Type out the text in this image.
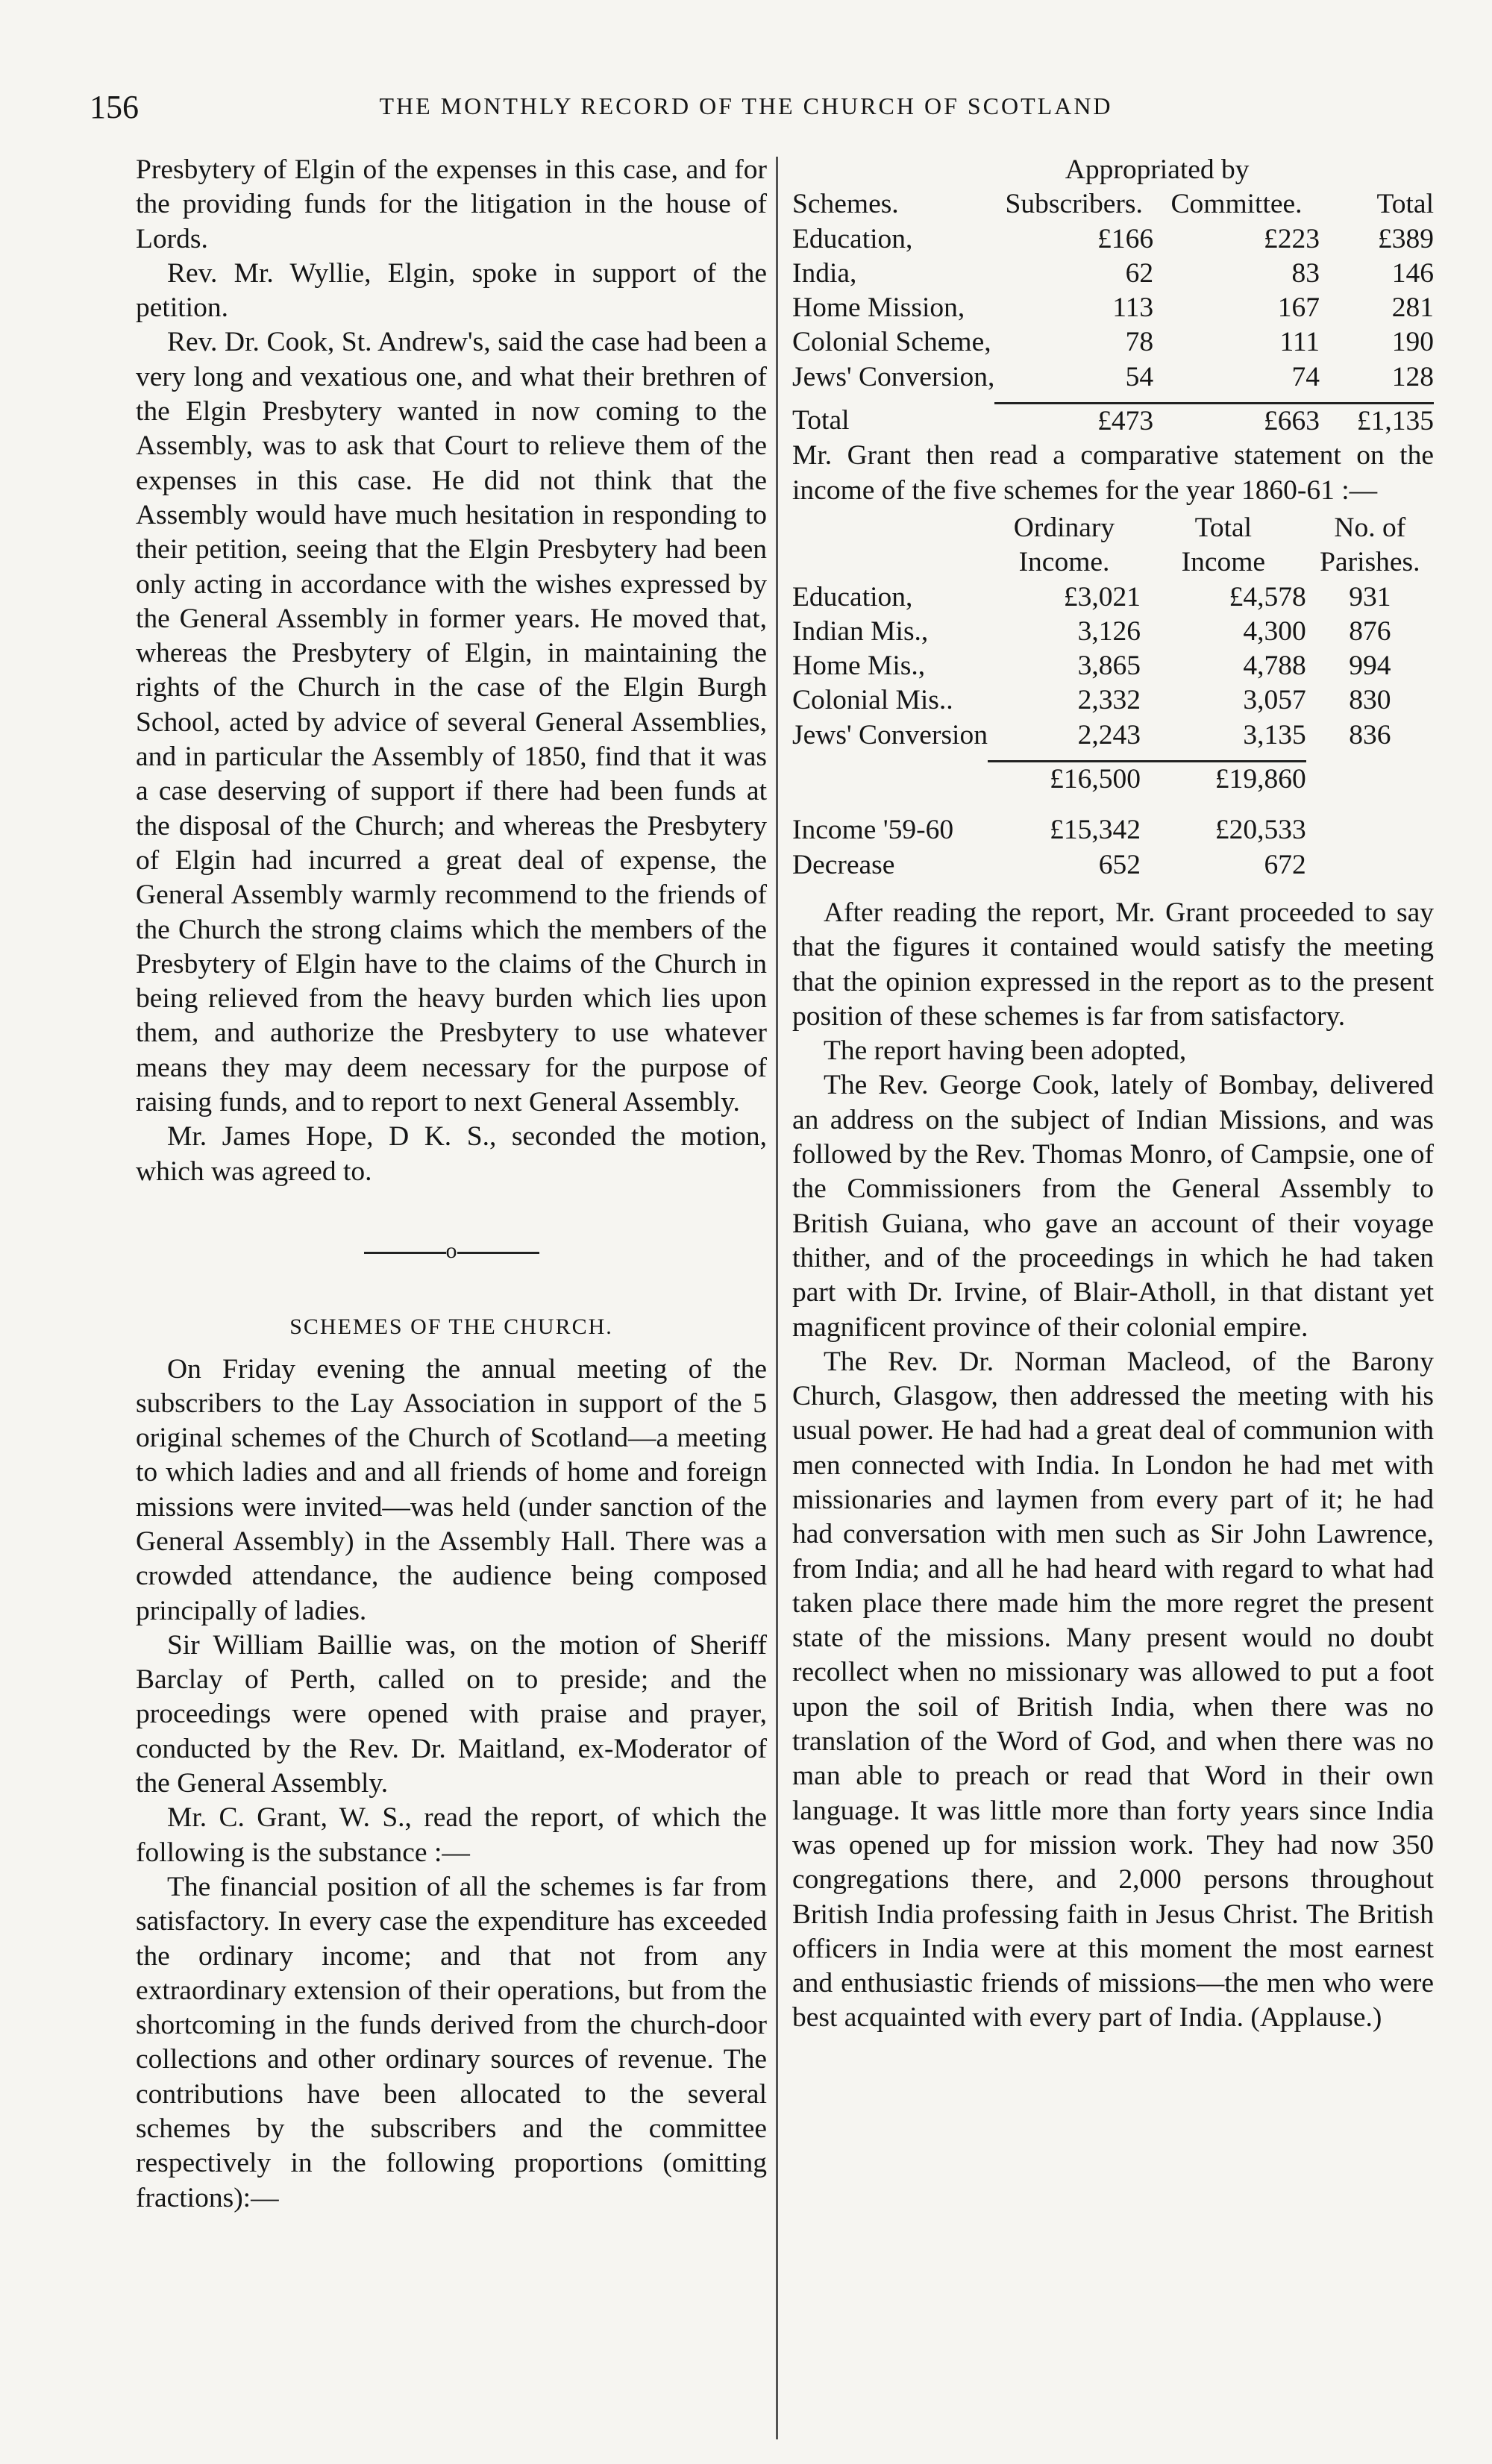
156	THE MONTHLY RECORD OF THE CHURCH OF SCOTLAND

Presbytery of Elgin of the expenses in this case, and for the providing funds for the litigation in the house of Lords.

Rev. Mr. Wyllie, Elgin, spoke in support of the petition.

Rev. Dr. Cook, St. Andrew's, said the case had been a very long and vexatious one, and what their brethren of the Elgin Presbytery wanted in now coming to the Assembly, was to ask that Court to relieve them of the expenses in this case. He did not think that the Assembly would have much hesitation in responding to their petition, seeing that the Elgin Presbytery had been only acting in accordance with the wishes expressed by the General Assembly in former years. He moved that, whereas the Presbytery of Elgin, in maintaining the rights of the Church in the case of the Elgin Burgh School, acted by advice of several General Assemblies, and in particular the Assembly of 1850, find that it was a case deserving of support if there had been funds at the disposal of the Church; and whereas the Presbytery of Elgin had incurred a great deal of expense, the General Assembly warmly recommend to the friends of the Church the strong claims which the members of the Presbytery of Elgin have to the claims of the Church in being relieved from the heavy burden which lies upon them, and authorize the Presbytery to use whatever means they may deem necessary for the purpose of raising funds, and to report to next General Assembly.

Mr. James Hope, D K. S., seconded the motion, which was agreed to.

o
SCHEMES OF THE CHURCH.

On Friday evening the annual meeting of the subscribers to the Lay Association in support of the 5 original schemes of the Church of Scotland—a meeting to which ladies and and all friends of home and foreign missions were invited—was held (under sanction of the General Assembly) in the Assembly Hall. There was a crowded attendance, the audience being composed principally of ladies.

Sir William Baillie was, on the motion of Sheriff Barclay of Perth, called on to preside; and the proceedings were opened with praise and prayer, conducted by the Rev. Dr. Maitland, ex-Moderator of the General Assembly.

Mr. C. Grant, W. S., read the report, of which the following is the substance :—

The financial position of all the schemes is far from satisfactory. In every case the expenditure has exceeded the ordinary income; and that not from any extraordinary extension of their operations, but from the shortcoming in the funds derived from the church-door collections and other ordinary sources of revenue. The contributions have been allocated to the several schemes by the subscribers and the committee respectively in the following proportions (omitting fractions):—

	Appropriated by		
Schemes.	Subscribers.	Committee.	Total
Education,	£166	£223	£389
India,	62	83	146
Home Mission,	113	167	281
Colonial Scheme,	78	111	190
Jews' Conversion,	54	74	128

Total	£473	£663	£1,135

Mr. Grant then read a comparative statement on the income of the five schemes for the year 1860-61 :—

	Ordinary	Total	No. of
	Income.	Income	Parishes.
Education,	£3,021	£4,578	931
Indian Mis.,	3,126	4,300	876
Home Mis.,	3,865	4,788	994
Colonial Mis..	2,332	3,057	830
Jews' Conversion	2,243	3,135	836

	£16,500	£19,860	

Income '59-60	£15,342	£20,533	
Decrease	652	672	

After reading the report, Mr. Grant proceeded to say that the figures it contained would satisfy the meeting that the opinion expressed in the report as to the present position of these schemes is far from satisfactory.

The report having been adopted,

The Rev. George Cook, lately of Bombay, delivered an address on the subject of Indian Missions, and was followed by the Rev. Thomas Monro, of Campsie, one of the Commissioners from the General Assembly to British Guiana, who gave an account of their voyage thither, and of the proceedings in which he had taken part with Dr. Irvine, of Blair-Atholl, in that distant yet magnificent province of their colonial empire.

The Rev. Dr. Norman Macleod, of the Barony Church, Glasgow, then addressed the meeting with his usual power. He had had a great deal of communion with men connected with India. In London he had met with missionaries and laymen from every part of it; he had had conversation with men such as Sir John Lawrence, from India; and all he had heard with regard to what had taken place there made him the more regret the present state of the missions. Many present would no doubt recollect when no missionary was allowed to put a foot upon the soil of British India, when there was no translation of the Word of God, and when there was no man able to preach or read that Word in their own language. It was little more than forty years since India was opened up for mission work. They had now 350 congregations there, and 2,000 persons throughout British India professing faith in Jesus Christ. The British officers in India were at this moment the most earnest and enthusiastic friends of missions—the men who were best acquainted with every part of India. (Applause.)
